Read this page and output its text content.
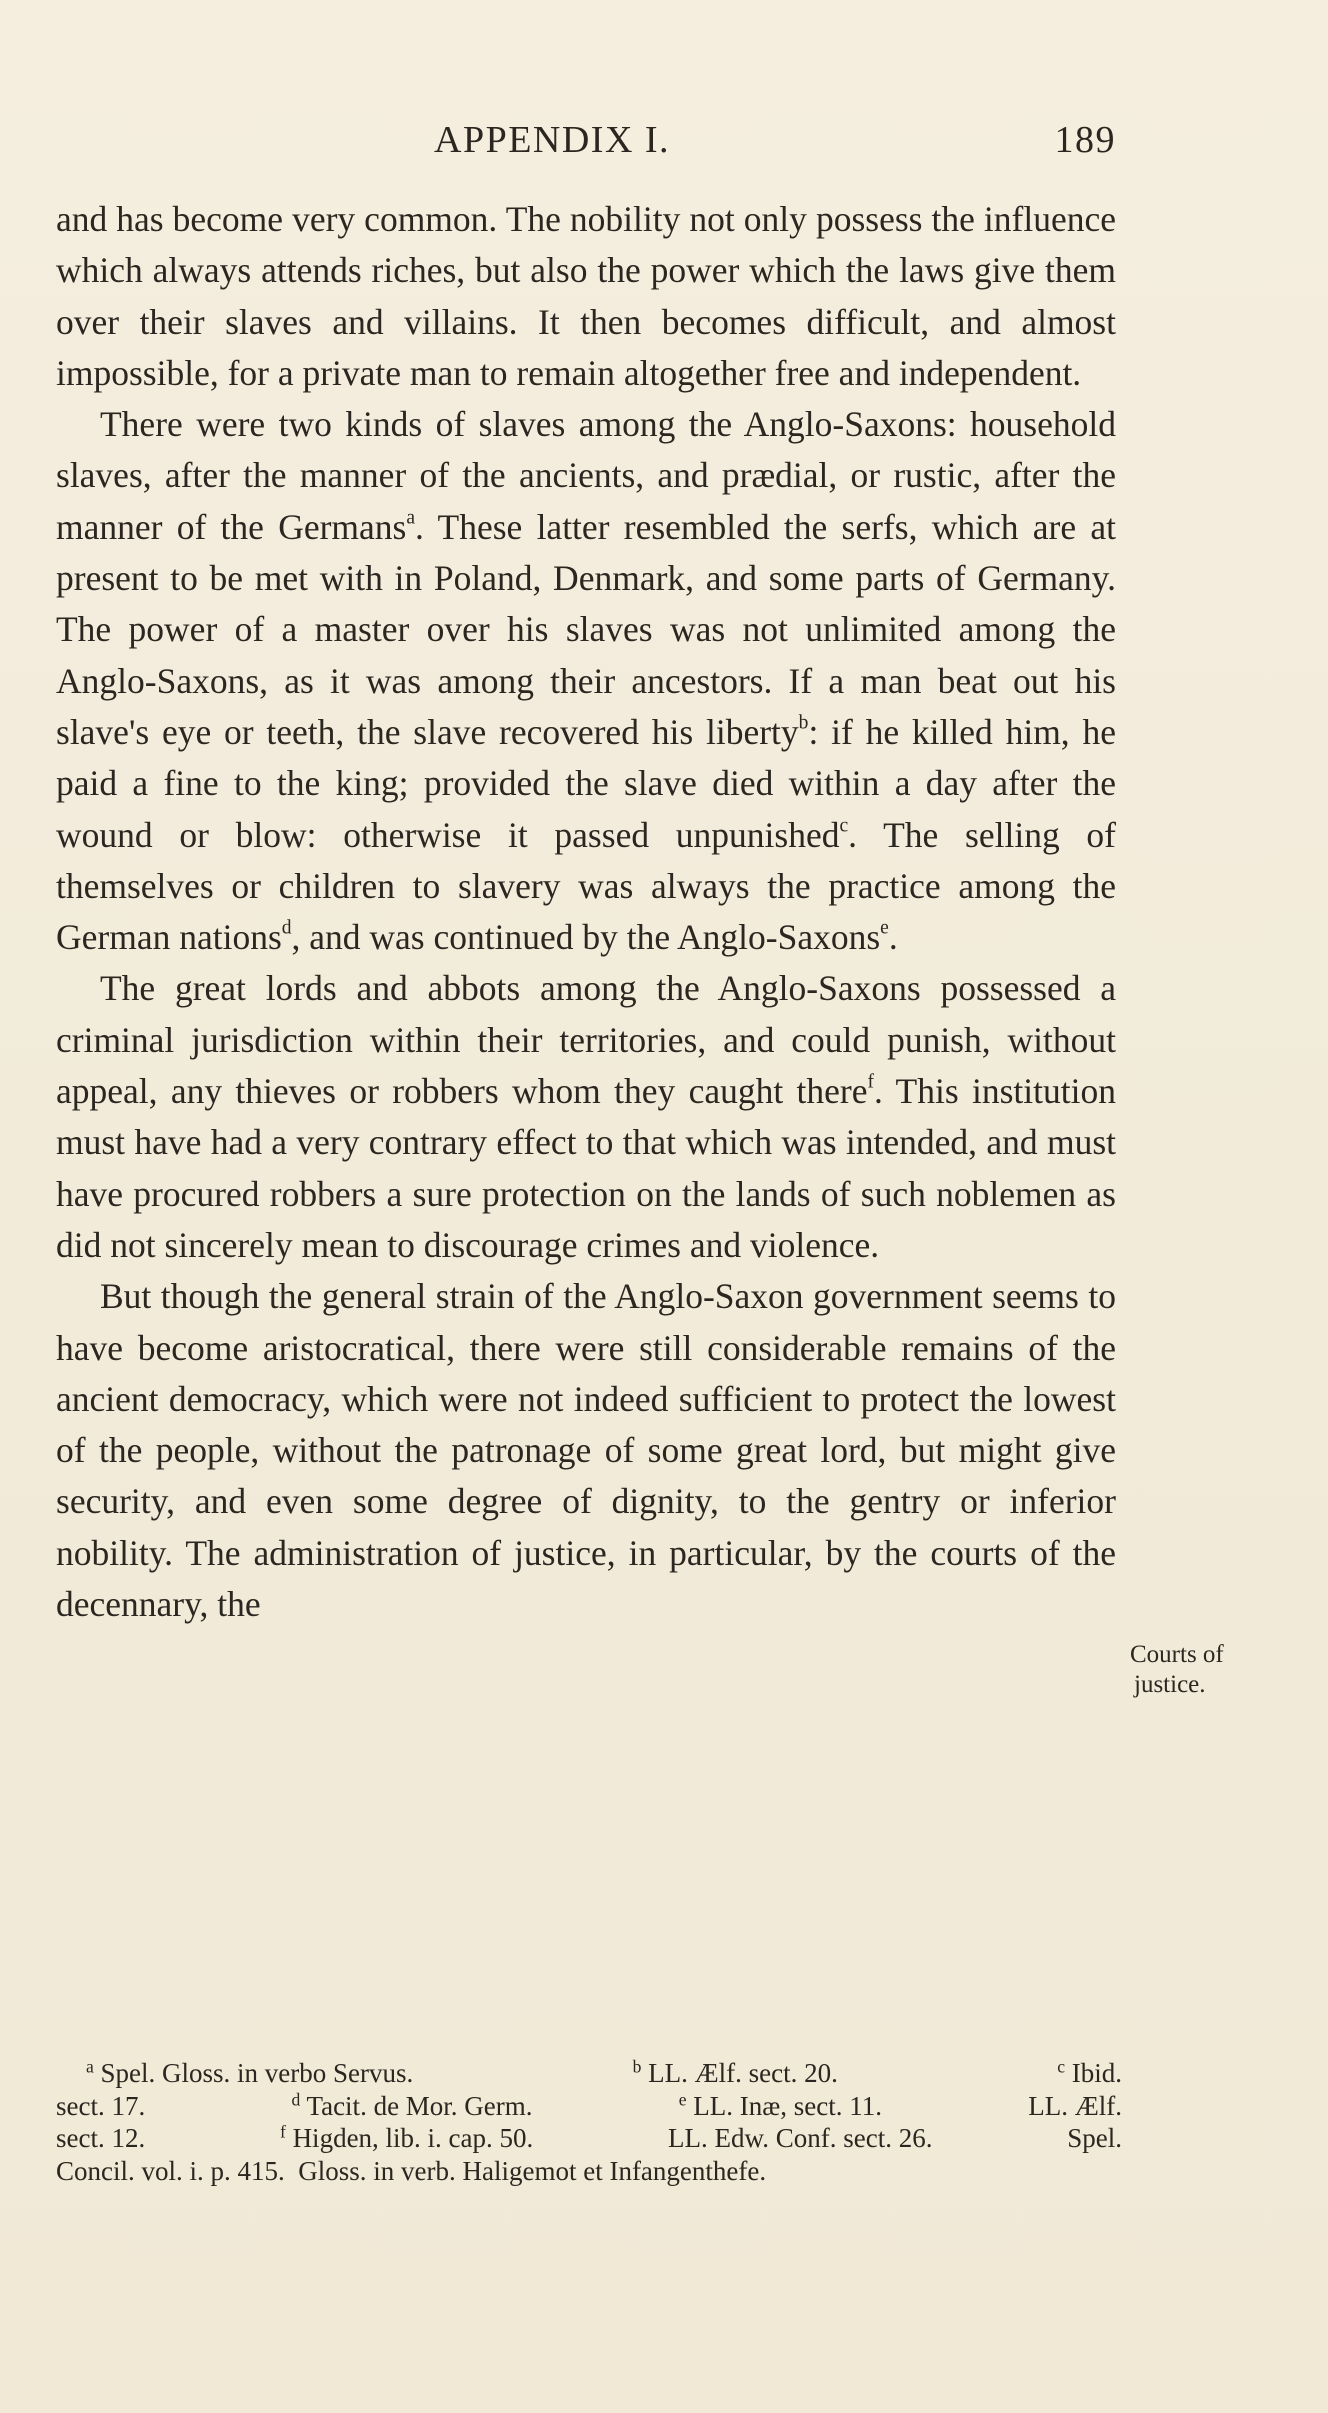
APPENDIX I.	189

and has become very common. The nobility not only possess the influence which always attends riches, but also the power which the laws give them over their slaves and villains. It then becomes difficult, and almost impossible, for a private man to remain altogether free and independent.

There were two kinds of slaves among the Anglo-Saxons: household slaves, after the manner of the ancients, and prædial, or rustic, after the manner of the Germans$^a$. These latter resembled the serfs, which are at present to be met with in Poland, Denmark, and some parts of Germany. The power of a master over his slaves was not unlimited among the Anglo-Saxons, as it was among their ancestors. If a man beat out his slave's eye or teeth, the slave recovered his liberty$^b$: if he killed him, he paid a fine to the king; provided the slave died within a day after the wound or blow: otherwise it passed unpunished$^c$. The selling of themselves or children to slavery was always the practice among the German nations$^d$, and was continued by the Anglo-Saxons$^e$.

The great lords and abbots among the Anglo-Saxons possessed a criminal jurisdiction within their territories, and could punish, without appeal, any thieves or robbers whom they caught there$^f$. This institution must have had a very contrary effect to that which was intended, and must have procured robbers a sure protection on the lands of such noblemen as did not sincerely mean to discourage crimes and violence.

But though the general strain of the Anglo-Saxon government seems to have become aristocratical, there were still considerable remains of the ancient democracy, which were not indeed sufficient to protect the lowest of the people, without the patronage of some great lord, but might give security, and even some degree of dignity, to the gentry or inferior nobility. The administration of justice, in particular, by the courts of the decennary, the

Courts of
justice.
$^a$ Spel. Gloss. in verbo Servus.	$^b$ LL. Ælf. sect. 20.	$^c$ Ibid.
sect. 17.	$^d$ Tacit. de Mor. Germ.	$^e$ LL. Inæ, sect. 11.	LL. Ælf.
sect. 12.	$^f$ Higden, lib. i. cap. 50.	LL. Edw. Conf. sect. 26.	Spel.
Concil. vol. i. p. 415. Gloss. in verb. Haligemot et Infangenthefe.
